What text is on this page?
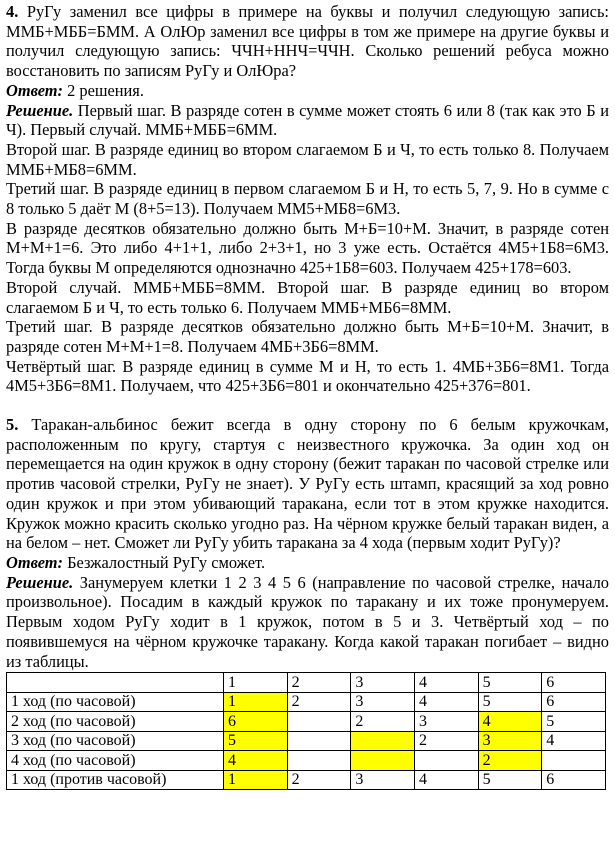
4. РуГу заменил все цифры в примере на буквы и получил следующую запись: ММБ+МББ=БММ. А ОлЮр заменил все цифры в том же примере на другие буквы и получил следующую запись: ЧЧН+ННЧ=ЧЧН. Сколько решений ребуса можно восстановить по записям РуГу и ОлЮра?

Ответ: 2 решения.

Решение. Первый шаг. В разряде сотен в сумме может стоять 6 или 8 (так как это Б и Ч). Первый случай. ММБ+МББ=6ММ.

Второй шаг. В разряде единиц во втором слагаемом Б и Ч, то есть только 8. Получаем ММБ+МБ8=6ММ.

Третий шаг. В разряде единиц в первом слагаемом Б и Н, то есть 5, 7, 9. Но в сумме с 8 только 5 даёт М (8+5=13). Получаем ММ5+МБ8=6М3.

В разряде десятков обязательно должно быть М+Б=10+М. Значит, в разряде сотен М+М+1=6. Это либо 4+1+1, либо 2+3+1, но 3 уже есть. Остаётся 4М5+1Б8=6М3. Тогда буквы М определяются однозначно 425+1Б8=603. Получаем 425+178=603.

Второй случай. ММБ+МББ=8ММ. Второй шаг. В разряде единиц во втором слагаемом Б и Ч, то есть только 6. Получаем ММБ+МБ6=8ММ.

Третий шаг. В разряде десятков обязательно должно быть М+Б=10+М. Значит, в разряде сотен М+М+1=8. Получаем 4МБ+3Б6=8ММ.

Четвёртый шаг. В разряде единиц в сумме М и Н, то есть 1. 4МБ+3Б6=8М1. Тогда 4М5+3Б6=8М1. Получаем, что 425+3Б6=801 и окончательно 425+376=801.

5. Таракан-альбинос бежит всегда в одну сторону по 6 белым кружочкам, расположенным по кругу, стартуя с неизвестного кружочка. За один ход он перемещается на один кружок в одну сторону (бежит таракан по часовой стрелке или против часовой стрелки, РуГу не знает). У РуГу есть штамп, красящий за ход ровно один кружок и при этом убивающий таракана, если тот в этом кружке находится. Кружок можно красить сколько угодно раз. На чёрном кружке белый таракан виден, а на белом – нет. Сможет ли РуГу убить таракана за 4 хода (первым ходит РуГу)?

Ответ: Безжалостный РуГу сможет.

Решение. Занумеруем клетки 1 2 3 4 5 6 (направление по часовой стрелке, начало произвольное). Посадим в каждый кружок по таракану и их тоже пронумеруем. Первым ходом РуГу ходит в 1 кружок, потом в 5 и 3. Четвёртый ход – по появившемуся на чёрном кружочке таракану. Когда какой таракан погибает – видно из таблицы.

	1	2	3	4	5	6
1 ход (по часовой)	1	2	3	4	5	6
2 ход (по часовой)	6		2	3	4	5
3 ход (по часовой)	5			2	3	4
4 ход (по часовой)	4				2	
1 ход (против часовой)	1	2	3	4	5	6
